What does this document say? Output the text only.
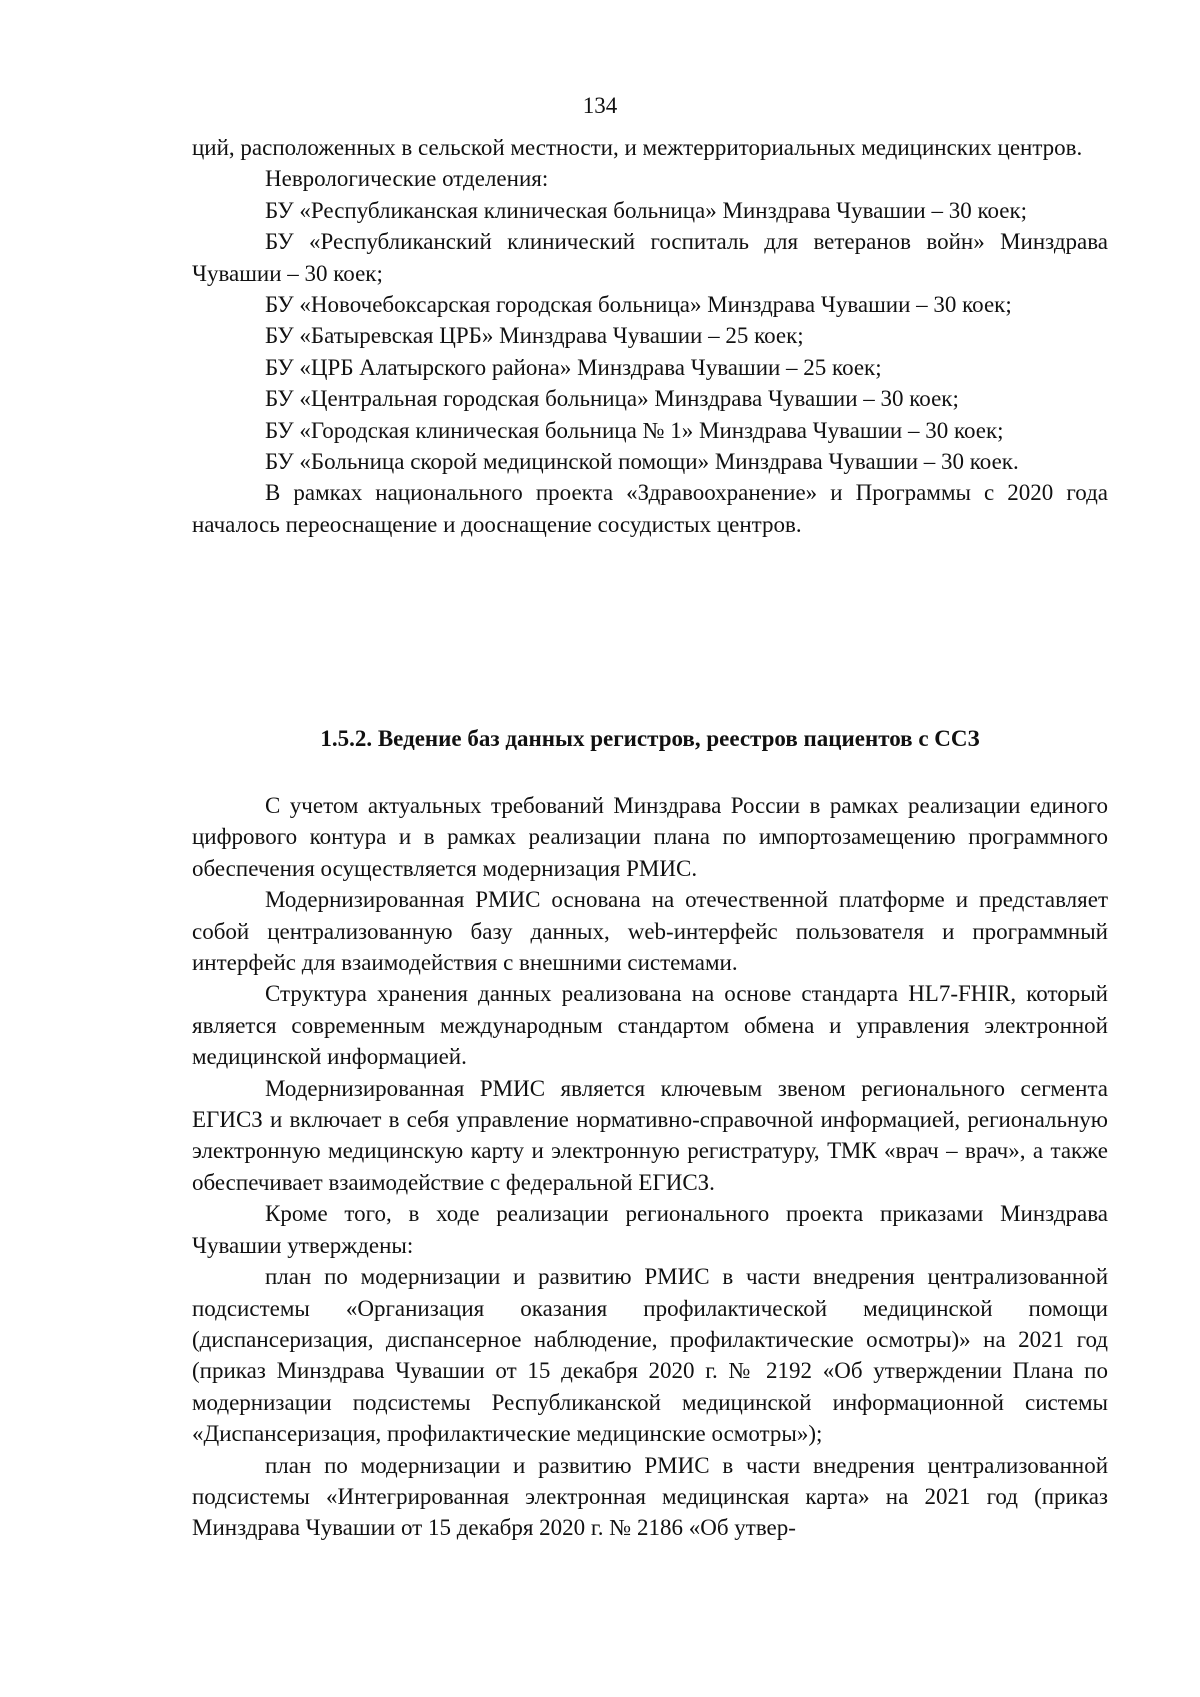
134

ций, расположенных в сельской местности, и межтерриториальных медицинских центров.

Неврологические отделения:

БУ «Республиканская клиническая больница» Минздрава Чувашии – 30 коек;

БУ «Республиканский клинический госпиталь для ветеранов войн» Минздрава Чувашии – 30 коек;

БУ «Новочебоксарская городская больница» Минздрава Чувашии – 30 коек;

БУ «Батыревская ЦРБ» Минздрава Чувашии – 25 коек;

БУ «ЦРБ Алатырского района» Минздрава Чувашии – 25 коек;

БУ «Центральная городская больница» Минздрава Чувашии – 30 коек;

БУ «Городская клиническая больница № 1» Минздрава Чувашии – 30 коек;

БУ «Больница скорой медицинской помощи» Минздрава Чувашии – 30 коек.

В рамках национального проекта «Здравоохранение» и Программы с 2020 года началось переоснащение и дооснащение сосудистых центров.

1.5.2. Ведение баз данных регистров, реестров пациентов с ССЗ

С учетом актуальных требований Минздрава России в рамках реализации единого цифрового контура и в рамках реализации плана по импортозамещению программного обеспечения осуществляется модернизация РМИС.

Модернизированная РМИС основана на отечественной платформе и представляет собой централизованную базу данных, web-интерфейс пользователя и программный интерфейс для взаимодействия с внешними системами.

Структура хранения данных реализована на основе стандарта HL7-FHIR, который является современным международным стандартом обмена и управления электронной медицинской информацией.

Модернизированная РМИС является ключевым звеном регионального сегмента ЕГИСЗ и включает в себя управление нормативно-справочной информацией, региональную электронную медицинскую карту и электронную регистратуру, ТМК «врач – врач», а также обеспечивает взаимодействие с федеральной ЕГИСЗ.

Кроме того, в ходе реализации регионального проекта приказами Минздрава Чувашии утверждены:

план по модернизации и развитию РМИС в части внедрения централизованной подсистемы «Организация оказания профилактической медицинской помощи (диспансеризация, диспансерное наблюдение, профилактические осмотры)» на 2021 год (приказ Минздрава Чувашии от 15 декабря 2020 г. № 2192 «Об утверждении Плана по модернизации подсистемы Республиканской медицинской информационной системы «Диспансеризация, профилактические медицинские осмотры»);

план по модернизации и развитию РМИС в части внедрения централизованной подсистемы «Интегрированная электронная медицинская карта» на 2021 год (приказ Минздрава Чувашии от 15 декабря 2020 г. № 2186 «Об утвер-
